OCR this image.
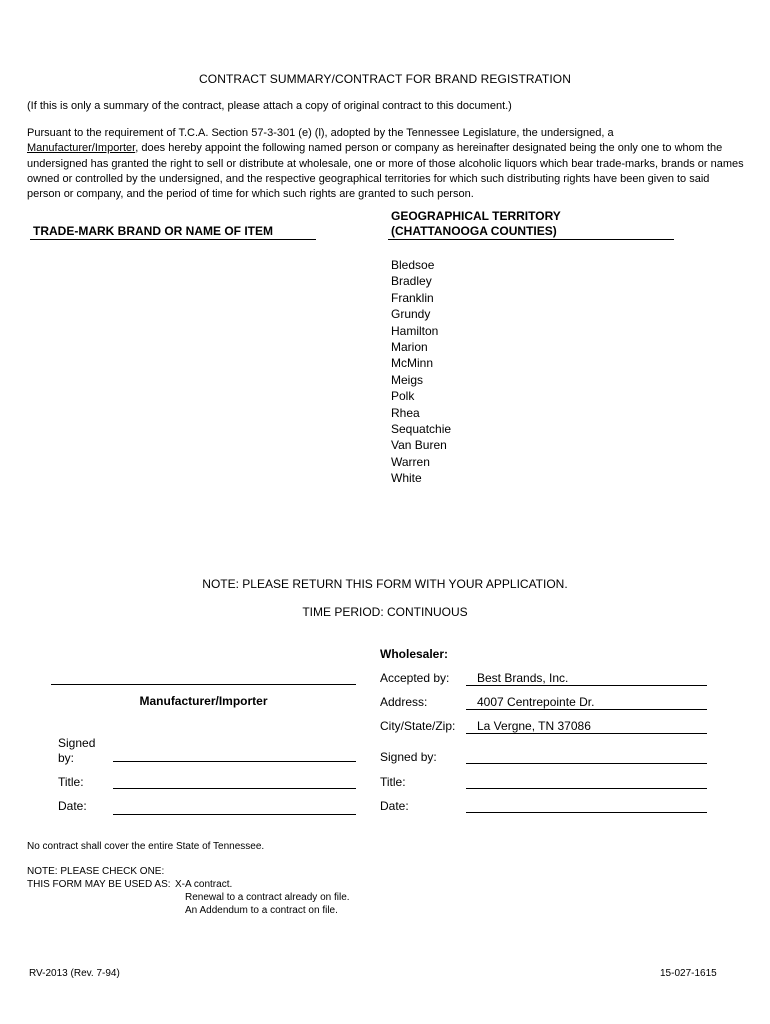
CONTRACT SUMMARY/CONTRACT FOR BRAND REGISTRATION
(If this is only a summary of the contract, please attach a copy of original contract to this document.)
Pursuant to the requirement of T.C.A. Section 57-3-301 (e) (l), adopted by the Tennessee Legislature, the undersigned, a
Manufacturer/Importer, does hereby appoint the following named person or company as hereinafter designated being the only one to whom the undersigned has granted the right to sell or distribute at wholesale, one or more of those alcoholic liquors which bear trade-marks, brands or names owned or controlled by the undersigned, and the respective geographical territories for which such distributing rights have been given to said person or company, and the period of time for which such rights are granted to such person.
TRADE-MARK BRAND OR NAME OF ITEM
GEOGRAPHICAL TERRITORY
(CHATTANOOGA COUNTIES)
Bledsoe
Bradley
Franklin
Grundy
Hamilton
Marion
McMinn
Meigs
Polk
Rhea
Sequatchie
Van Buren
Warren
White
NOTE: PLEASE RETURN THIS FORM WITH YOUR APPLICATION.
TIME PERIOD: CONTINUOUS
Wholesaler:
Accepted by: Best Brands, Inc.
Address:	4007 Centrepointe Dr.
City/State/Zip: La Vergne, TN 37086
Signed by:
Title:
Date:
Manufacturer/Importer
Signed
by:
Title:
Date:
No contract shall cover the entire State of Tennessee.
NOTE: PLEASE CHECK ONE:
THIS FORM MAY BE USED AS: X-A contract.
Renewal to a contract already on file.
An Addendum to a contract on file.
RV-2013 (Rev. 7-94)	15-027-1615
